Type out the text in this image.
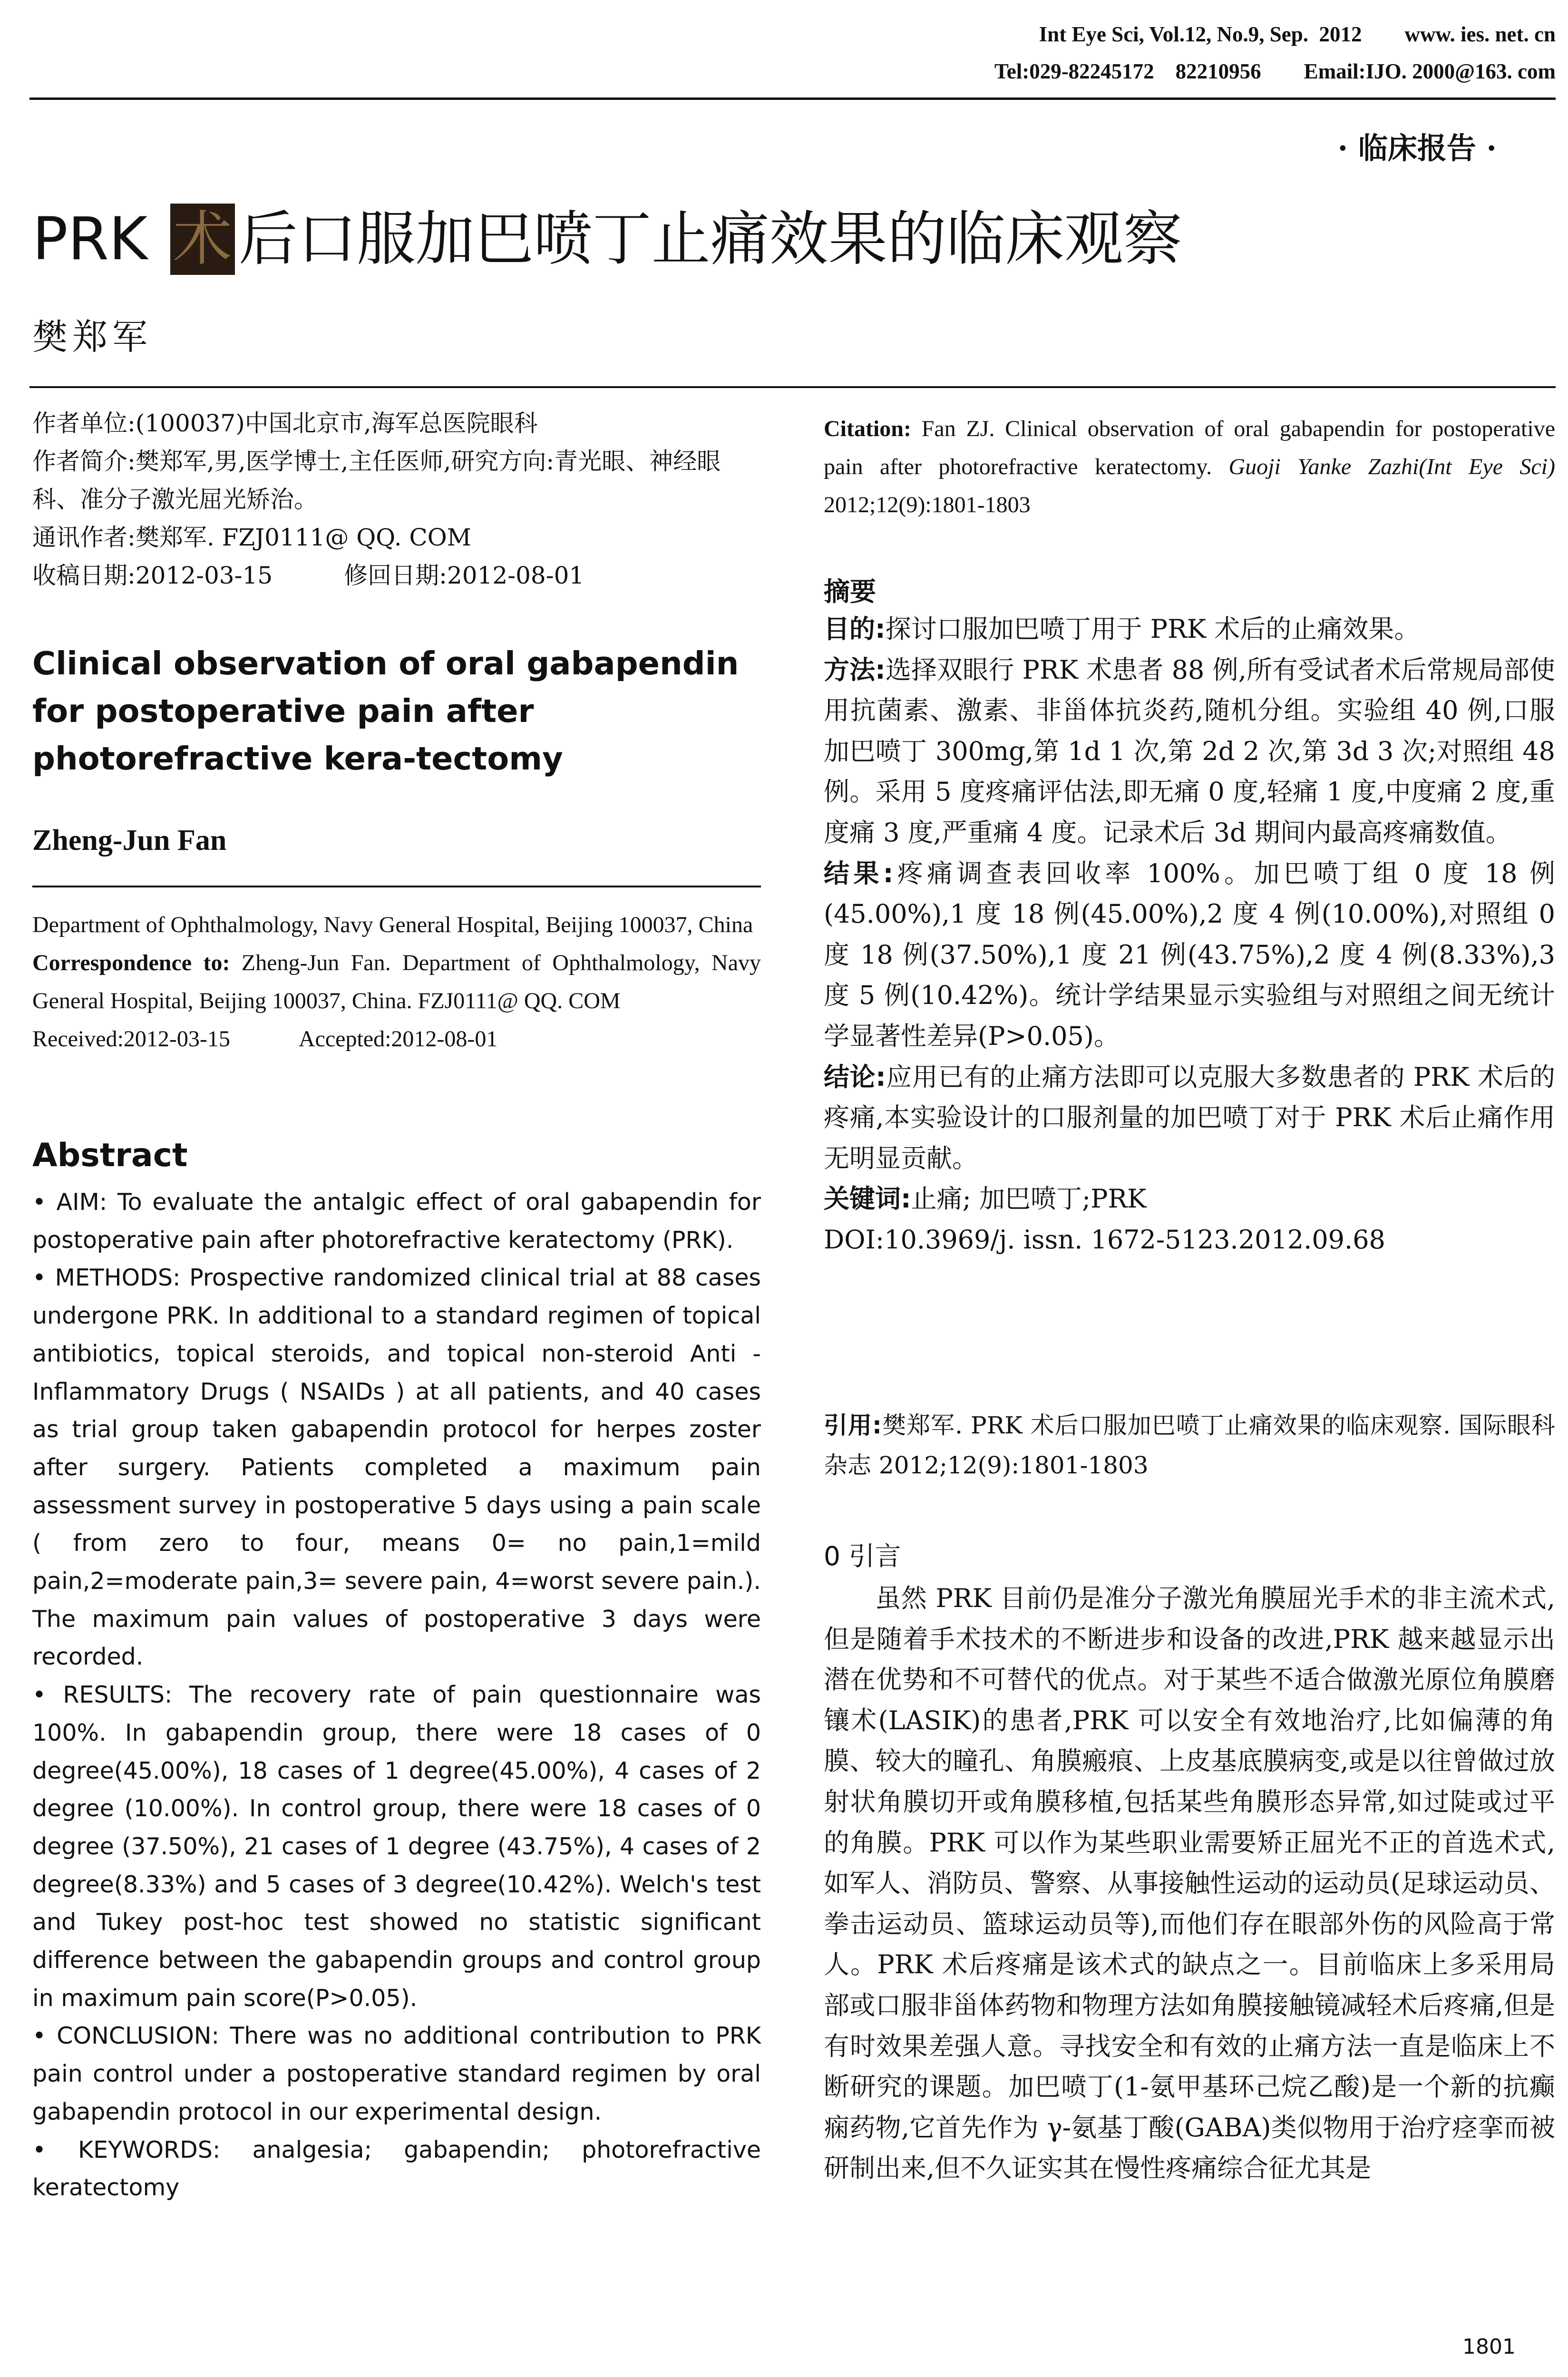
Int Eye Sci, Vol.12, No.9, Sep.  2012        www. ies. net. cn
Tel:029-82245172    82210956        Email:IJO. 2000@163. com
· 临床报告 ·
PRK 术 后口服加巴喷丁止痛效果的临床观察
樊郑军

作者单位:(100037)中国北京市,海军总医院眼科

作者简介:樊郑军,男,医学博士,主任医师,研究方向:青光眼、神经眼科、准分子激光屈光矫治。

通讯作者:樊郑军. FZJ0111@ QQ. COM

收稿日期:2012-03-15　　　修回日期:2012-08-01

Clinical observation of oral gabapendin for postoperative pain after photorefractive kera-tectomy

Zheng-Jun Fan

Department of Ophthalmology, Navy General Hospital, Beijing 100037, China

Correspondence to: Zheng-Jun Fan. Department of Ophthalmology, Navy General Hospital, Beijing 100037, China. FZJ0111@ QQ. COM

Received:2012-03-15　　　Accepted:2012-08-01

Abstract

• AIM: To evaluate the antalgic effect of oral gabapendin for postoperative pain after photorefractive keratectomy (PRK).

• METHODS: Prospective randomized clinical trial at 88 cases undergone PRK. In additional to a standard regimen of topical antibiotics, topical steroids, and topical non-steroid Anti - Inflammatory Drugs ( NSAIDs ) at all patients, and 40 cases as trial group taken gabapendin protocol for herpes zoster after surgery. Patients completed a maximum pain assessment survey in postoperative 5 days using a pain scale ( from zero to four, means 0= no pain,1=mild pain,2=moderate pain,3= severe pain, 4=worst severe pain.). The maximum pain values of postoperative 3 days were recorded.

• RESULTS: The recovery rate of pain questionnaire was 100%. In gabapendin group, there were 18 cases of 0 degree(45.00%), 18 cases of 1 degree(45.00%), 4 cases of 2 degree (10.00%). In control group, there were 18 cases of 0 degree (37.50%), 21 cases of 1 degree (43.75%), 4 cases of 2 degree(8.33%) and 5 cases of 3 degree(10.42%). Welch's test and Tukey post-hoc test showed no statistic significant difference between the gabapendin groups and control group in maximum pain score(P>0.05).

• CONCLUSION: There was no additional contribution to PRK pain control under a postoperative standard regimen by oral gabapendin protocol in our experimental design.

• KEYWORDS: analgesia; gabapendin; photorefractive keratectomy

Citation: Fan ZJ. Clinical observation of oral gabapendin for postoperative pain after photorefractive keratectomy. Guoji Yanke Zazhi(Int Eye Sci) 2012;12(9):1801-1803

摘要

目的:探讨口服加巴喷丁用于 PRK 术后的止痛效果。

方法:选择双眼行 PRK 术患者 88 例,所有受试者术后常规局部使用抗菌素、激素、非甾体抗炎药,随机分组。实验组 40 例,口服加巴喷丁 300mg,第 1d 1 次,第 2d 2 次,第 3d 3 次;对照组 48 例。采用 5 度疼痛评估法,即无痛 0 度,轻痛 1 度,中度痛 2 度,重度痛 3 度,严重痛 4 度。记录术后 3d 期间内最高疼痛数值。

结果:疼痛调查表回收率 100%。加巴喷丁组 0 度 18 例(45.00%),1 度 18 例(45.00%),2 度 4 例(10.00%),对照组 0 度 18 例(37.50%),1 度 21 例(43.75%),2 度 4 例(8.33%),3 度 5 例(10.42%)。统计学结果显示实验组与对照组之间无统计学显著性差异(P>0.05)。

结论:应用已有的止痛方法即可以克服大多数患者的 PRK 术后的疼痛,本实验设计的口服剂量的加巴喷丁对于 PRK 术后止痛作用无明显贡献。

关键词:止痛; 加巴喷丁;PRK

DOI:10.3969/j. issn. 1672-5123.2012.09.68

引用:樊郑军. PRK 术后口服加巴喷丁止痛效果的临床观察. 国际眼科杂志 2012;12(9):1801-1803

0 引言

虽然 PRK 目前仍是准分子激光角膜屈光手术的非主流术式,但是随着手术技术的不断进步和设备的改进,PRK 越来越显示出潜在优势和不可替代的优点。对于某些不适合做激光原位角膜磨镶术(LASIK)的患者,PRK 可以安全有效地治疗,比如偏薄的角膜、较大的瞳孔、角膜瘢痕、上皮基底膜病变,或是以往曾做过放射状角膜切开或角膜移植,包括某些角膜形态异常,如过陡或过平的角膜。PRK 可以作为某些职业需要矫正屈光不正的首选术式,如军人、消防员、警察、从事接触性运动的运动员(足球运动员、拳击运动员、篮球运动员等),而他们存在眼部外伤的风险高于常人。PRK 术后疼痛是该术式的缺点之一。目前临床上多采用局部或口服非甾体药物和物理方法如角膜接触镜减轻术后疼痛,但是有时效果差强人意。寻找安全和有效的止痛方法一直是临床上不断研究的课题。加巴喷丁(1-氨甲基环己烷乙酸)是一个新的抗癫痫药物,它首先作为 γ-氨基丁酸(GABA)类似物用于治疗痉挛而被研制出来,但不久证实其在慢性疼痛综合征尤其是

1801
